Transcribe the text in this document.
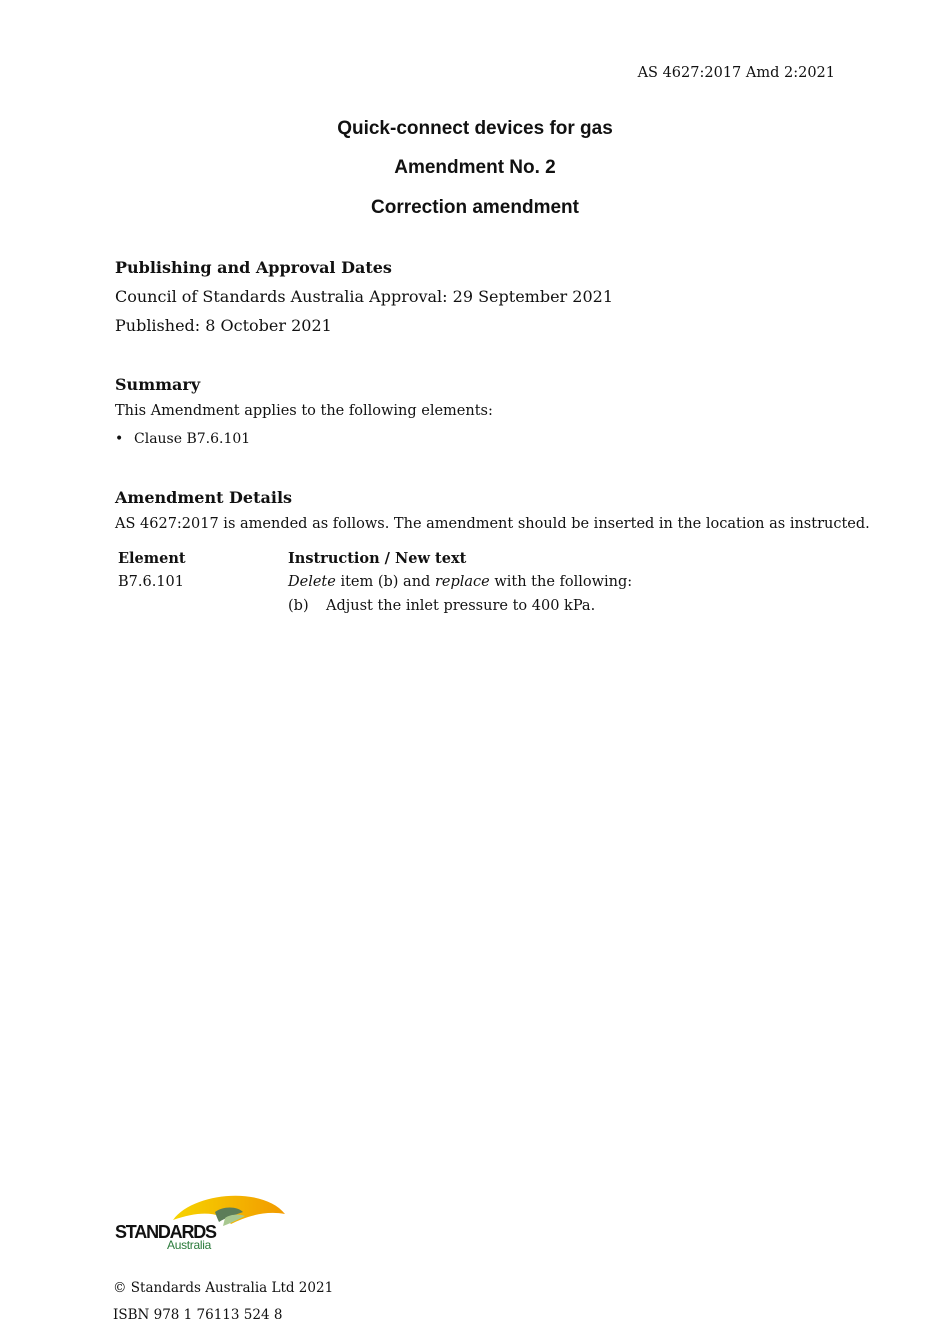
AS 4627:2017 Amd 2:2021
Quick-connect devices for gas
Amendment No. 2
Correction amendment
Publishing and Approval Dates
Council of Standards Australia Approval: 29 September 2021
Published: 8 October 2021
Summary
This Amendment applies to the following elements:
• Clause B7.6.101
Amendment Details
AS 4627:2017 is amended as follows. The amendment should be inserted in the location as instructed.
Element	Instruction / New text
B7.6.101	Delete item (b) and replace with the following:
(b) Adjust the inlet pressure to 400 kPa.
STANDARDS
Australia
© Standards Australia Ltd 2021
ISBN 978 1 76113 524 8
